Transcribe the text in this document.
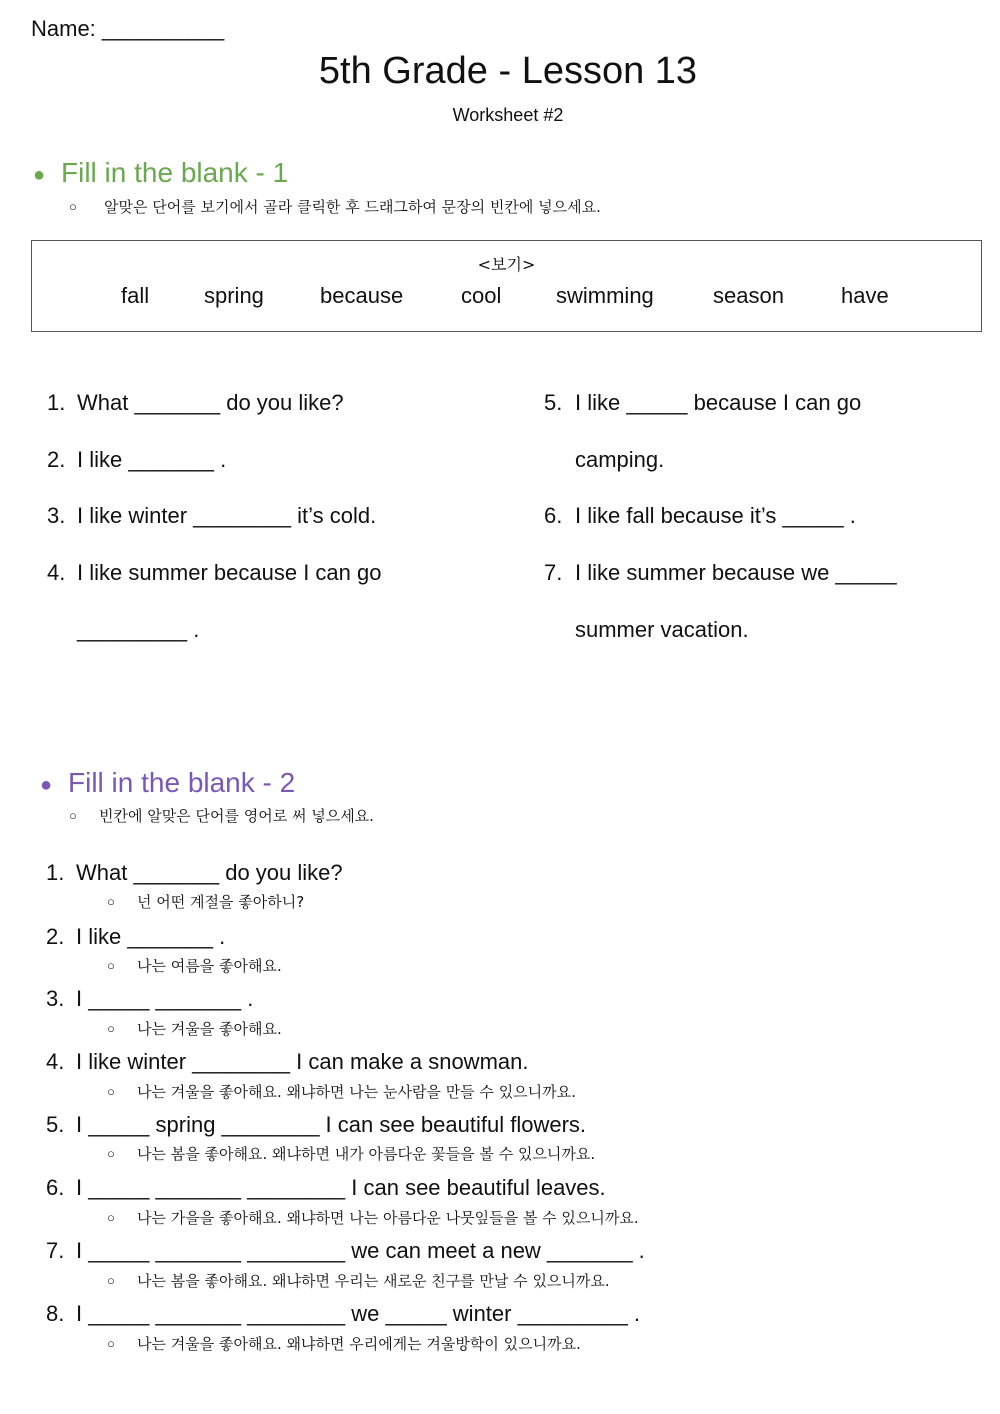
Name: __________
5th Grade - Lesson 13
Worksheet #2
● Fill in the blank - 1
○ 알맞은 단어를 보기에서 골라 클릭한 후 드래그하여 문장의 빈칸에 넣으세요.
<보기>
fall spring	because	cool swimming	season	have
1. What _______ do you like?
2. I like _______ .
3. I like winter ________ it’s cold.
4. I like summer because I can go
_________ .
5. I like _____ because I can go
camping.
6. I like fall because it’s _____ .
7. I like summer because we _____
summer vacation.
● Fill in the blank - 2
○ 빈칸에 알맞은 단어를 영어로 써 넣으세요.
1. What _______ do you like?
○ 넌 어떤 계절을 좋아하니?
2. I like _______ .
○ 나는 여름을 좋아해요.
3. I _____ _______ .
○ 나는 겨울을 좋아해요.
4. I like winter ________ I can make a snowman.
○ 나는 겨울을 좋아해요. 왜냐하면 나는 눈사람을 만들 수 있으니까요.
5. I _____ spring ________ I can see beautiful flowers.
○ 나는 봄을 좋아해요. 왜냐하면 내가 아름다운 꽃들을 볼 수 있으니까요.
6. I _____ _______ ________ I can see beautiful leaves.
○ 나는 가을을 좋아해요. 왜냐하면 나는 아름다운 나뭇잎들을 볼 수 있으니까요.
7. I _____ _______ ________ we can meet a new _______ .
○ 나는 봄을 좋아해요. 왜냐하면 우리는 새로운 친구를 만날 수 있으니까요.
8. I _____ _______ ________ we _____ winter _________ .
○ 나는 겨울을 좋아해요. 왜냐하면 우리에게는 겨울방학이 있으니까요.
